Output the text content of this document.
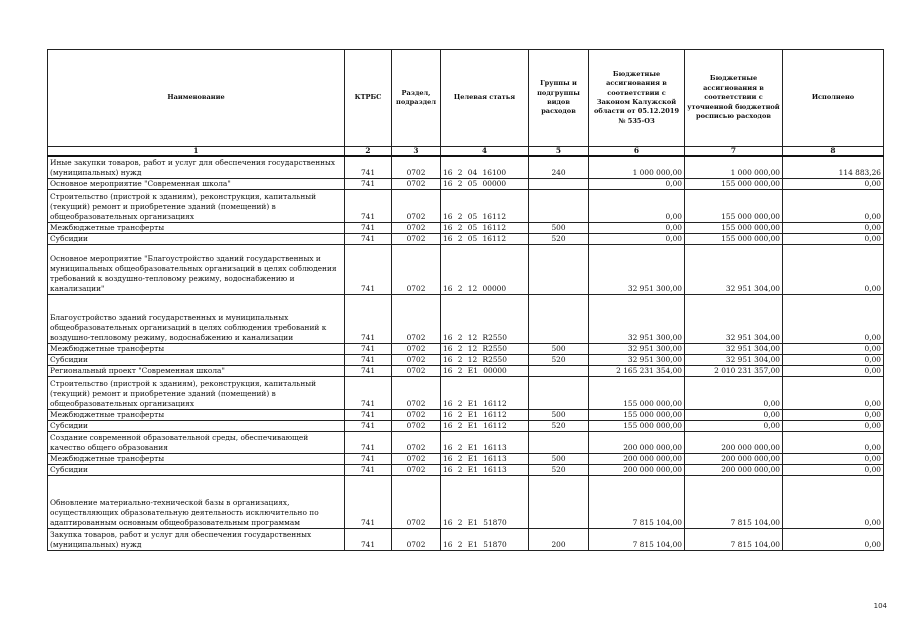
Наименование	КТРБС	Раздел, подраздел	Целевая статья	Группы и подгруппы видов расходов	Бюджетные ассигнования в соответствии с Законом Калужской области от 05.12.2019 № 535-ОЗ	Бюджетные ассигнования в соответствии с уточненной бюджетной росписью расходов	Исполнено
1	2	3	4	5	6	7	8
Иные закупки товаров, работ и услуг для обеспечения государственных (муниципальных) нужд	741	0702	16 2 04 16100	240	1 000 000,00	1 000 000,00	114 883,26
Основное мероприятие "Современная школа"	741	0702	16 2 05 00000		0,00	155 000 000,00	0,00
Строительство (пристрой к зданиям), реконструкция, капитальный (текущий) ремонт и приобретение зданий (помещений) в общеобразовательных организациях	741	0702	16 2 05 16112		0,00	155 000 000,00	0,00
Межбюджетные трансферты	741	0702	16 2 05 16112	500	0,00	155 000 000,00	0,00
Субсидии	741	0702	16 2 05 16112	520	0,00	155 000 000,00	0,00
Основное мероприятие "Благоустройство зданий государственных и муниципальных общеобразовательных организаций в целях соблюдения требований к воздушно-тепловому режиму, водоснабжению и канализации"	741	0702	16 2 12 00000		32 951 300,00	32 951 304,00	0,00
Благоустройство зданий государственных и муниципальных общеобразовательных организаций в целях соблюдения требований к воздушно-тепловому режиму, водоснабжению и канализации	741	0702	16 2 12 R2550		32 951 300,00	32 951 304,00	0,00
Межбюджетные трансферты	741	0702	16 2 12 R2550	500	32 951 300,00	32 951 304,00	0,00
Субсидии	741	0702	16 2 12 R2550	520	32 951 300,00	32 951 304,00	0,00
Региональный проект "Современная школа"	741	0702	16 2 E1 00000		2 165 231 354,00	2 010 231 357,00	0,00
Строительство (пристрой к зданиям), реконструкция, капитальный (текущий) ремонт и приобретение зданий (помещений) в общеобразовательных организациях	741	0702	16 2 E1 16112		155 000 000,00	0,00	0,00
Межбюджетные трансферты	741	0702	16 2 E1 16112	500	155 000 000,00	0,00	0,00
Субсидии	741	0702	16 2 E1 16112	520	155 000 000,00	0,00	0,00
Создание современной образовательной среды, обеспечивающей качество общего образования	741	0702	16 2 E1 16113		200 000 000,00	200 000 000,00	0,00
Межбюджетные трансферты	741	0702	16 2 E1 16113	500	200 000 000,00	200 000 000,00	0,00
Субсидии	741	0702	16 2 E1 16113	520	200 000 000,00	200 000 000,00	0,00
Обновление материально-технической базы в организациях, осуществляющих образовательную деятельность исключительно по адаптированным основным общеобразовательным программам	741	0702	16 2 E1 51870		7 815 104,00	7 815 104,00	0,00
Закупка товаров, работ и услуг для обеспечения государственных (муниципальных) нужд	741	0702	16 2 E1 51870	200	7 815 104,00	7 815 104,00	0,00
104
